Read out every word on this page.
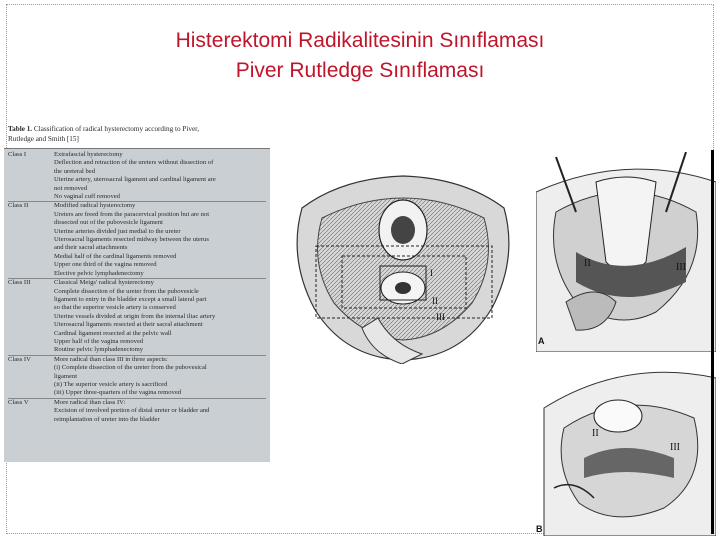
Histerektomi Radikalitesinin Sınıflaması
Piver Rutledge Sınıflaması
Table 1. Classification of radical hysterectomy according to Piver,
Rutledge and Smith [15]
Class I	Extrafascial hysterectomy
Deflection and retraction of the ureters without dissection of
the ureteral bed
Uterine artery, uterosacral ligament and cardinal ligament are
not removed
No vaginal cuff removed
Class II	Modified radical hysterectomy
Ureters are freed from the paracervical position but are not
dissected out of the pubovesicle ligament
Uterine arteries divided just medial to the ureter
Uterosacral ligaments resected midway between the uterus
and their sacral attachments
Medial half of the cardinal ligaments removed
Upper one third of the vagina removed
Elective pelvic lymphadenectomy
Class III	Classical Meigs' radical hysterectomy
Complete dissection of the ureter from the pubovesicle
ligament to entry in the bladder except a small lateral part
so that the superior vesicle artery is conserved
Uterine vessels divided at origin from the internal iliac artery
Uterosacral ligaments resected at their sacral attachment
Cardinal ligament resected at the pelvic wall
Upper half of the vagina removed
Routine pelvic lymphadenectomy
Class IV	More radical than class III in three aspects:
(i) Complete dissection of the ureter from the pubovesical
ligament
(ii) The superior vesicle artery is sacrificed
(iii) Upper three-quarters of the vagina removed
Class V	More radical than class IV:
Excision of involved portion of distal ureter or bladder and
reimplantation of ureter into the bladder
I
II
III
II	III
A
II
III
B
